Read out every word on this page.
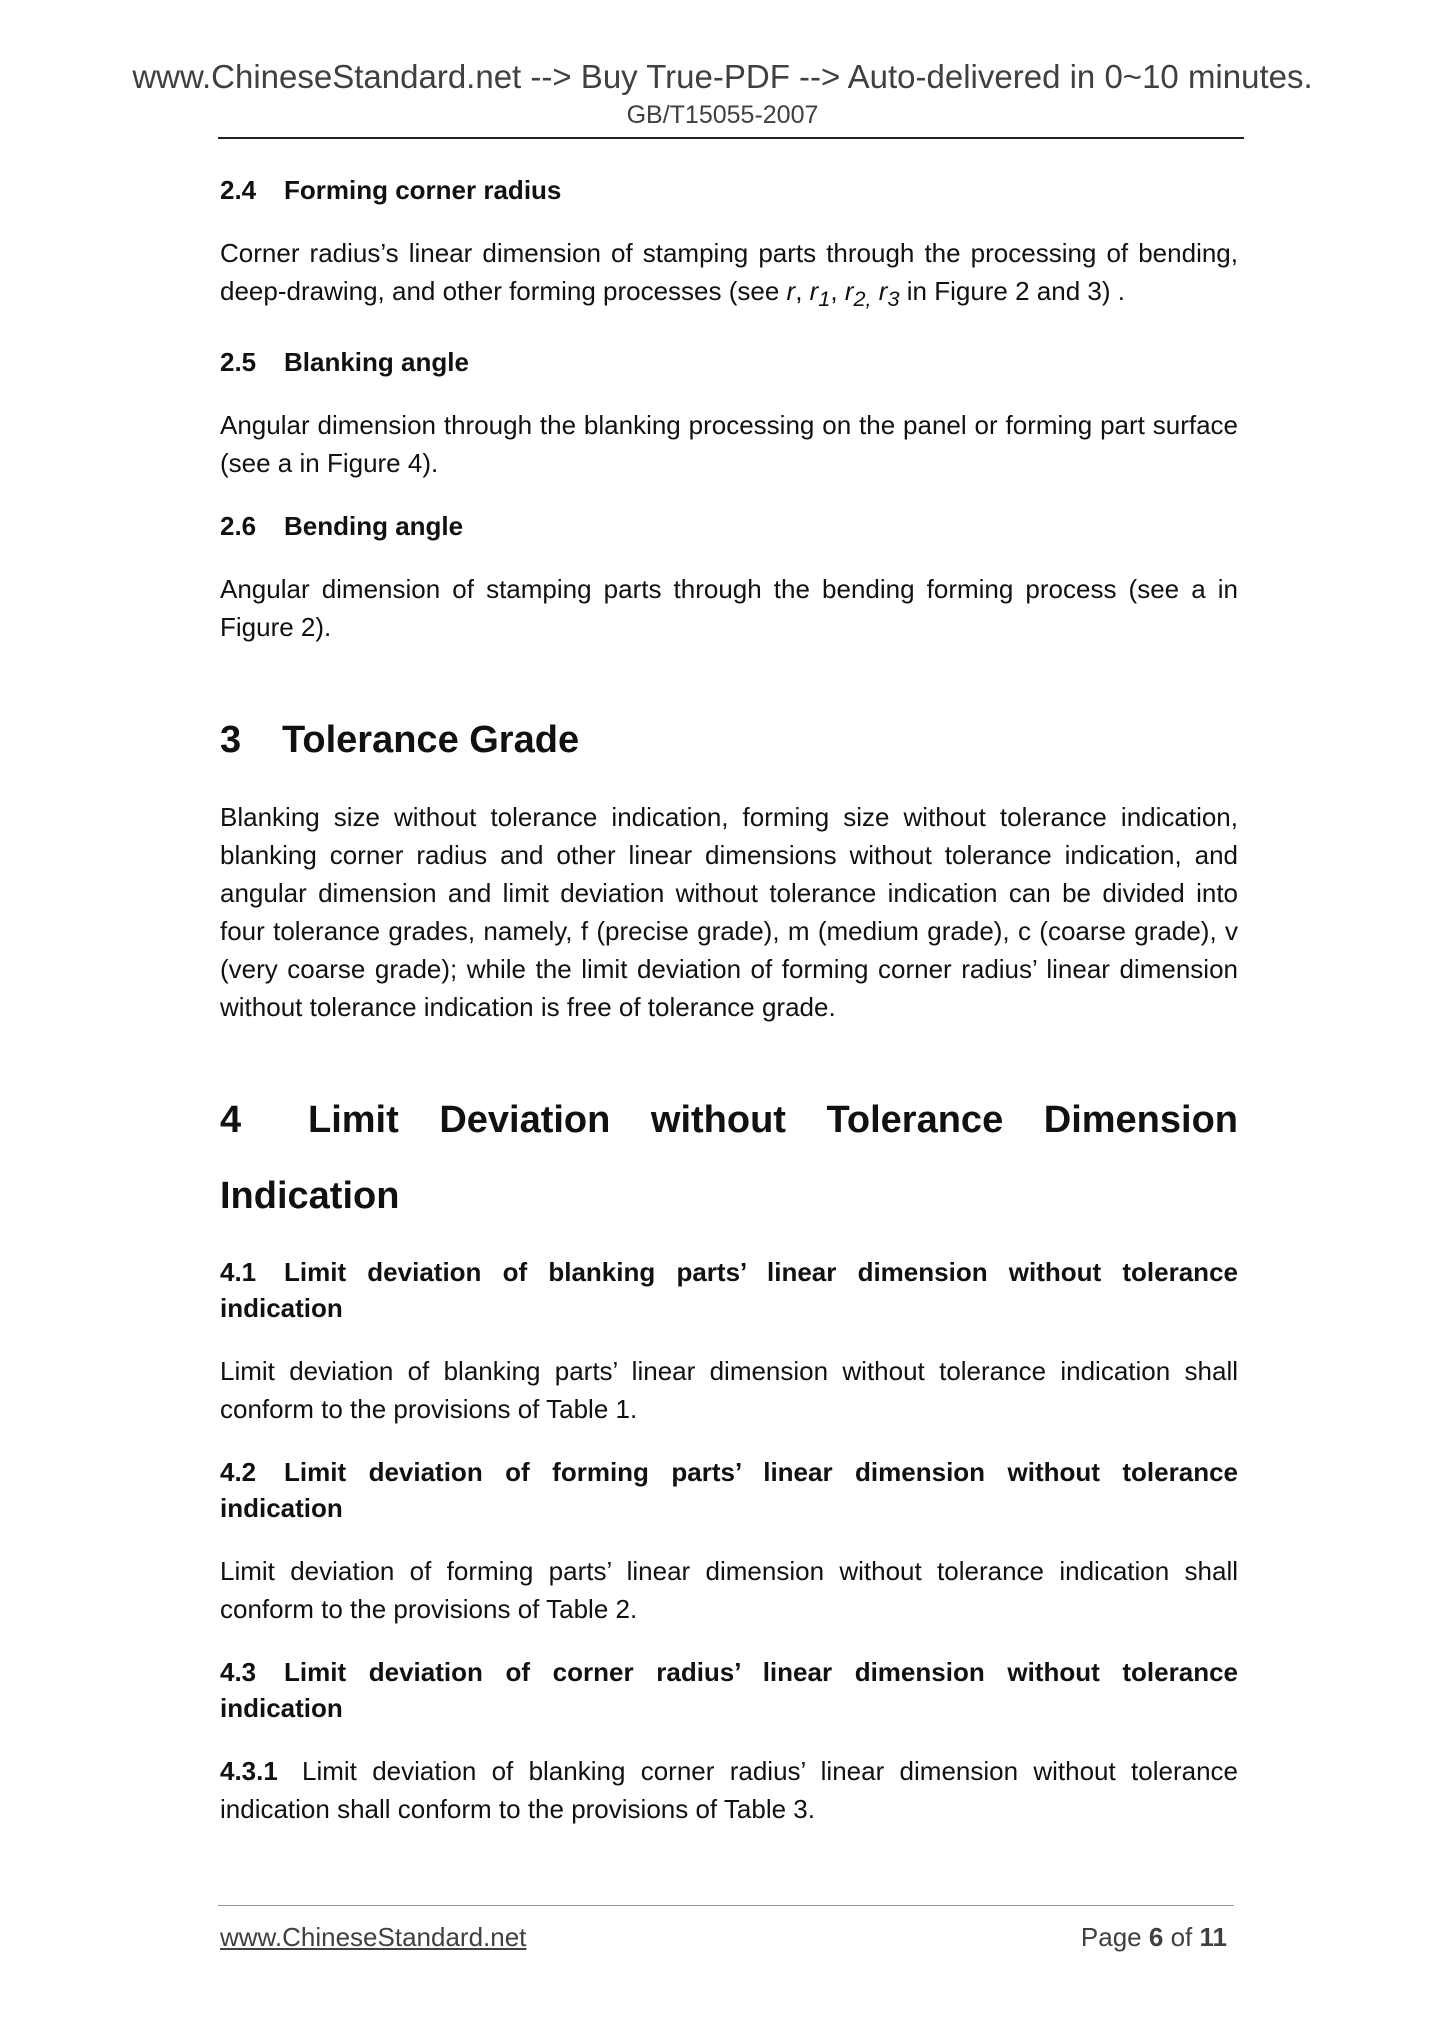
www.ChineseStandard.net --> Buy True-PDF --> Auto-delivered in 0~10 minutes.
GB/T15055-2007
2.4 Forming corner radius
Corner radius’s linear dimension of stamping parts through the processing of bending, deep-drawing, and other forming processes (see r, $r_1$, $r_{2,}$ $r_3$ in Figure 2 and 3) .
2.5 Blanking angle
Angular dimension through the blanking processing on the panel or forming part surface (see a in Figure 4).
2.6 Bending angle
Angular dimension of stamping parts through the bending forming process (see a in Figure 2).
3 Tolerance Grade
Blanking size without tolerance indication, forming size without tolerance indication, blanking corner radius and other linear dimensions without tolerance indication, and angular dimension and limit deviation without tolerance indication can be divided into four tolerance grades, namely, f (precise grade), m (medium grade), c (coarse grade), v (very coarse grade); while the limit deviation of forming corner radius’ linear dimension without tolerance indication is free of tolerance grade.
4 Limit Deviation without Tolerance Dimension Indication
4.1 Limit deviation of blanking parts’ linear dimension without tolerance indication
Limit deviation of blanking parts’ linear dimension without tolerance indication shall conform to the provisions of Table 1.
4.2 Limit deviation of forming parts’ linear dimension without tolerance indication
Limit deviation of forming parts’ linear dimension without tolerance indication shall conform to the provisions of Table 2.
4.3 Limit deviation of corner radius’ linear dimension without tolerance indication
4.3.1 Limit deviation of blanking corner radius’ linear dimension without tolerance indication shall conform to the provisions of Table 3.
www.ChineseStandard.net	Page 6 of 11
